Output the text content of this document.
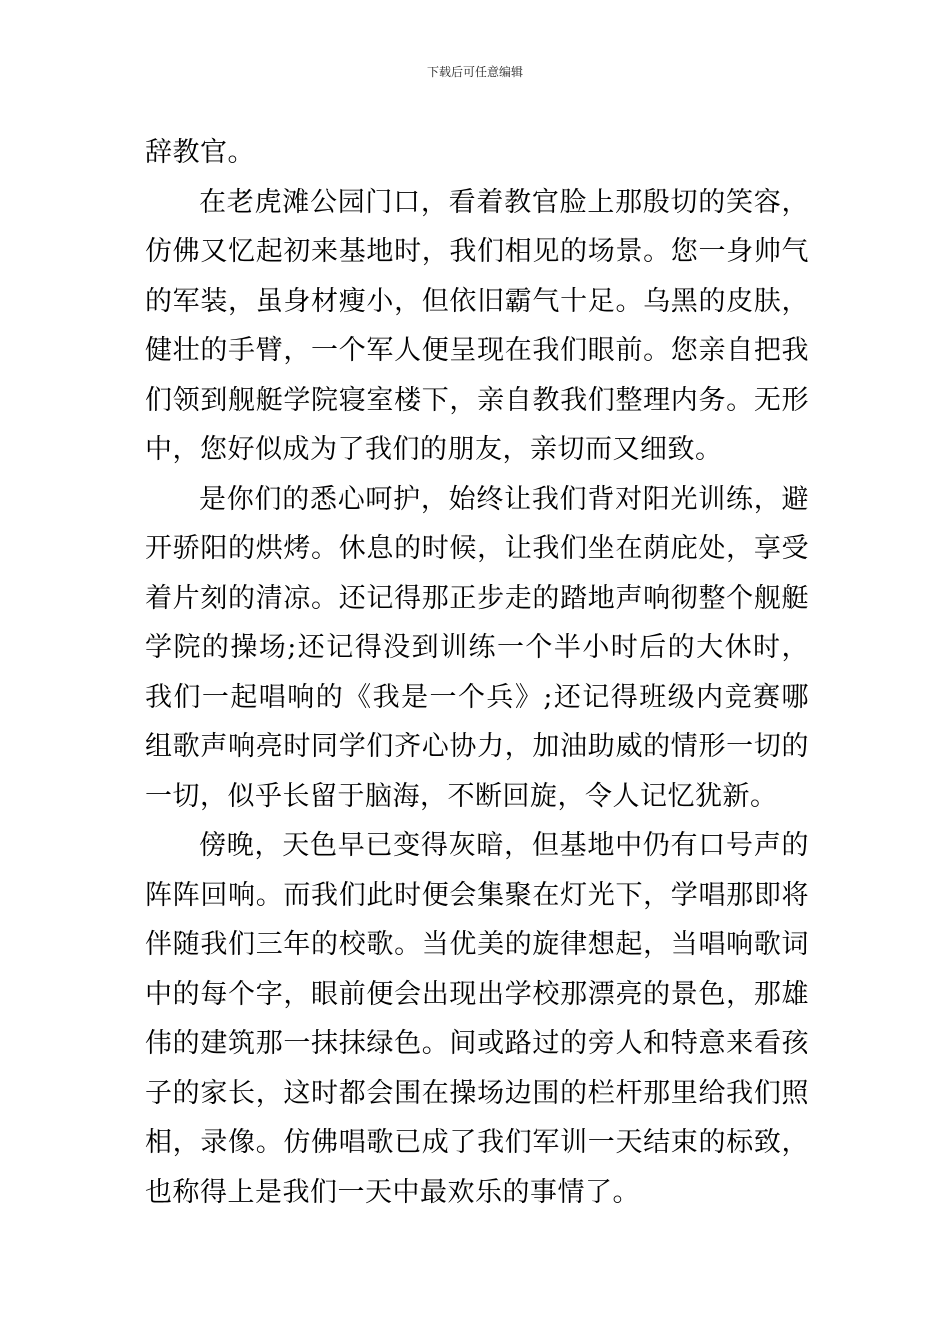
下载后可任意编辑

辞教官。

在老虎滩公园门口，看着教官脸上那殷切的笑容，仿佛又忆起初来基地时，我们相见的场景。您一身帅气的军装，虽身材瘦小，但依旧霸气十足。乌黑的皮肤，健壮的手臂，一个军人便呈现在我们眼前。您亲自把我们领到舰艇学院寝室楼下，亲自教我们整理内务。无形中，您好似成为了我们的朋友，亲切而又细致。

是你们的悉心呵护，始终让我们背对阳光训练，避开骄阳的烘烤。休息的时候，让我们坐在荫庇处，享受着片刻的清凉。还记得那正步走的踏地声响彻整个舰艇学院的操场;还记得没到训练一个半小时后的大休时，我们一起唱响的《我是一个兵》;还记得班级内竞赛哪组歌声响亮时同学们齐心协力，加油助威的情形一切的一切，似乎长留于脑海，不断回旋，令人记忆犹新。

傍晚，天色早已变得灰暗，但基地中仍有口号声的阵阵回响。而我们此时便会集聚在灯光下，学唱那即将伴随我们三年的校歌。当优美的旋律想起，当唱响歌词中的每个字，眼前便会出现出学校那漂亮的景色，那雄伟的建筑那一抹抹绿色。间或路过的旁人和特意来看孩子的家长，这时都会围在操场边围的栏杆那里给我们照相，录像。仿佛唱歌已成了我们军训一天结束的标致，也称得上是我们一天中最欢乐的事情了。
